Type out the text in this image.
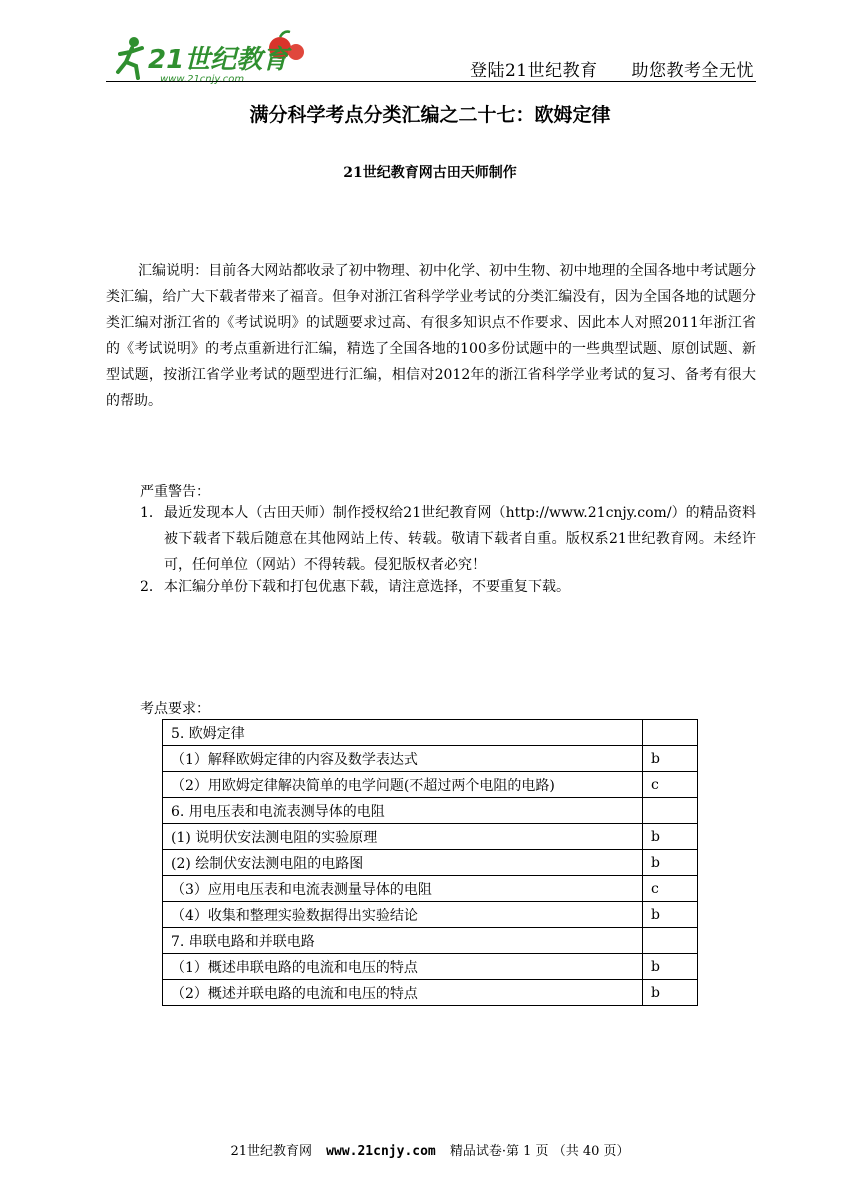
21世纪教育
www.21cnjy.com	登陆21世纪教育 助您教考全无忧
满分科学考点分类汇编之二十七：欧姆定律
21世纪教育网古田天师制作

汇编说明：目前各大网站都收录了初中物理、初中化学、初中生物、初中地理的全国各地中考试题分类汇编，给广大下载者带来了福音。但争对浙江省科学学业考试的分类汇编没有，因为全国各地的试题分类汇编对浙江省的《考试说明》的试题要求过高、有很多知识点不作要求、因此本人对照2011年浙江省的《考试说明》的考点重新进行汇编，精选了全国各地的100多份试题中的一些典型试题、原创试题、新型试题，按浙江省学业考试的题型进行汇编，相信对2012年的浙江省科学学业考试的复习、备考有很大的帮助。

严重警告：
1． 最近发现本人（古田天师）制作授权给21世纪教育网（http://www.21cnjy.com/）的精品资料被下载者下载后随意在其他网站上传、转载。敬请下载者自重。版权系21世纪教育网。未经许可，任何单位（网站）不得转载。侵犯版权者必究！
2． 本汇编分单份下载和打包优惠下载，请注意选择，不要重复下载。
考点要求：
5. 欧姆定律	
（1）解释欧姆定律的内容及数学表达式	b
（2）用欧姆定律解决简单的电学问题(不超过两个电阻的电路)	c
6. 用电压表和电流表测导体的电阻	
(1) 说明伏安法测电阻的实验原理	b
(2) 绘制伏安法测电阻的电路图	b
（3）应用电压表和电流表测量导体的电阻	c
（4）收集和整理实验数据得出实验结论	b
7. 串联电路和并联电路	
（1）概述串联电路的电流和电压的特点	b
（2）概述并联电路的电流和电压的特点	b
21世纪教育网 www.21cnjy.com 精品试卷·第 1 页 （共 40 页）
